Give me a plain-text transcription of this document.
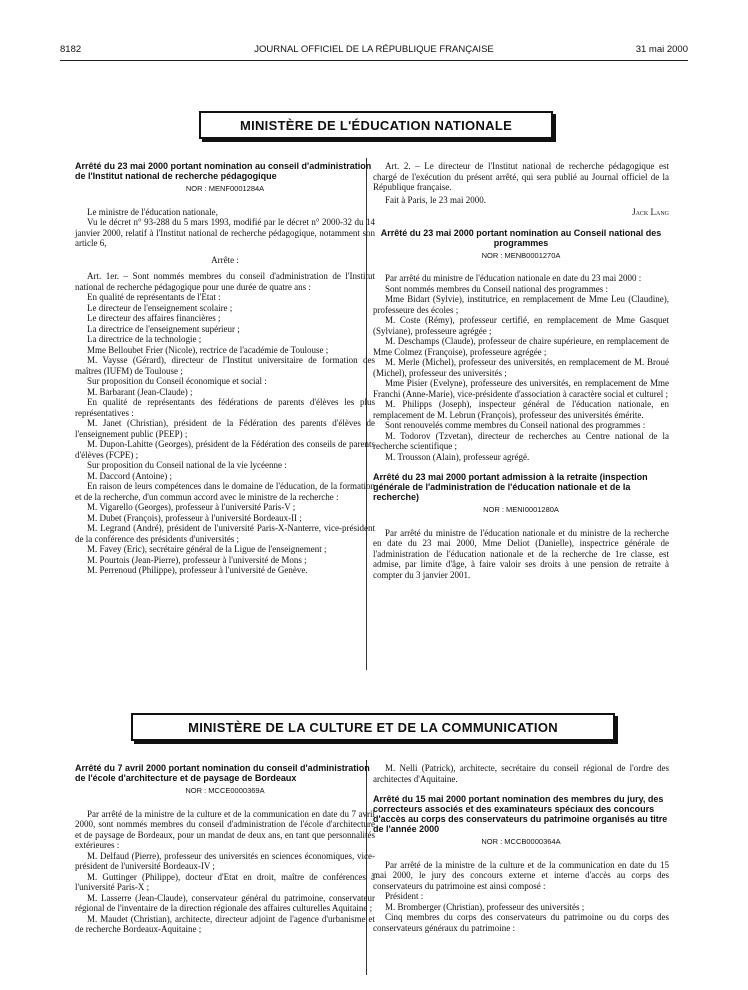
8182	JOURNAL OFFICIEL DE LA RÉPUBLIQUE FRANÇAISE	31 mai 2000
MINISTÈRE DE L'ÉDUCATION NATIONALE
Arrêté du 23 mai 2000 portant nomination au conseil d'administration de l'Institut national de recherche pédagogique
NOR : MENF0001284A

Le ministre de l'éducation nationale,

Vu le décret n° 93-288 du 5 mars 1993, modifié par le décret n° 2000-32 du 14 janvier 2000, relatif à l'Institut national de recherche pédagogique, notamment son article 6,

Arrête :

Art. 1er. – Sont nommés membres du conseil d'administration de l'Institut national de recherche pédagogique pour une durée de quatre ans :

En qualité de représentants de l'Etat :

Le directeur de l'enseignement scolaire ;

Le directeur des affaires financières ;

La directrice de l'enseignement supérieur ;

La directrice de la technologie ;

Mme Belloubet Frier (Nicole), rectrice de l'académie de Toulouse ;

M. Vaysse (Gérard), directeur de l'Institut universitaire de formation des maîtres (IUFM) de Toulouse ;

Sur proposition du Conseil économique et social :

M. Barbarant (Jean-Claude) ;

En qualité de représentants des fédérations de parents d'élèves les plus représentatives :

M. Janet (Christian), président de la Fédération des parents d'élèves de l'enseignement public (PEEP) ;

M. Dupon-Lahitte (Georges), président de la Fédération des conseils de parents d'élèves (FCPE) ;

Sur proposition du Conseil national de la vie lycéenne :

M. Daccord (Antoine) ;

En raison de leurs compétences dans le domaine de l'éducation, de la formation et de la recherche, d'un commun accord avec le ministre de la recherche :

M. Vigarello (Georges), professeur à l'université Paris-V ;

M. Dubet (François), professeur à l'université Bordeaux-II ;

M. Legrand (André), président de l'université Paris-X-Nanterre, vice-président de la conférence des présidents d'universités ;

M. Favey (Eric), secrétaire général de la Ligue de l'enseignement ;

M. Pourtois (Jean-Pierre), professeur à l'université de Mons ;

M. Perrenoud (Philippe), professeur à l'université de Genève.

Art. 2. – Le directeur de l'Institut national de recherche pédagogique est chargé de l'exécution du présent arrêté, qui sera publié au Journal officiel de la République française.

Fait à Paris, le 23 mai 2000.

Jack Lang

Arrêté du 23 mai 2000 portant nomination au Conseil national des programmes
NOR : MENB0001270A

Par arrêté du ministre de l'éducation nationale en date du 23 mai 2000 :

Sont nommés membres du Conseil national des programmes :

Mme Bidart (Sylvie), institutrice, en remplacement de Mme Leu (Claudine), professeure des écoles ;

M. Coste (Rémy), professeur certifié, en remplacement de Mme Gasquet (Sylviane), professeure agrégée ;

M. Deschamps (Claude), professeur de chaire supérieure, en remplacement de Mme Colmez (Françoise), professeure agrégée ;

M. Merle (Michel), professeur des universités, en remplacement de M. Broué (Michel), professeur des universités ;

Mme Pisier (Evelyne), professeure des universités, en remplacement de Mme Franchi (Anne-Marie), vice-présidente d'association à caractère social et culturel ;

M. Philipps (Joseph), inspecteur général de l'éducation nationale, en remplacement de M. Lebrun (François), professeur des universités émérite.

Sont renouvelés comme membres du Conseil national des programmes :

M. Todorov (Tzvetan), directeur de recherches au Centre national de la recherche scientifique ;

M. Trousson (Alain), professeur agrégé.

Arrêté du 23 mai 2000 portant admission à la retraite (inspection générale de l'administration de l'éducation nationale et de la recherche)
NOR : MENI0001280A

Par arrêté du ministre de l'éducation nationale et du ministre de la recherche en date du 23 mai 2000, Mme Deliot (Danielle), inspectrice générale de l'administration de l'éducation nationale et de la recherche de 1re classe, est admise, par limite d'âge, à faire valoir ses droits à une pension de retraite à compter du 3 janvier 2001.

MINISTÈRE DE LA CULTURE ET DE LA COMMUNICATION
Arrêté du 7 avril 2000 portant nomination du conseil d'administration de l'école d'architecture et de paysage de Bordeaux
NOR : MCCE0000369A

Par arrêté de la ministre de la culture et de la communication en date du 7 avril 2000, sont nommés membres du conseil d'administration de l'école d'architecture et de paysage de Bordeaux, pour un mandat de deux ans, en tant que personnalités extérieures :

M. Delfaud (Pierre), professeur des universités en sciences économiques, vice-président de l'université Bordeaux-IV ;

M. Guttinger (Philippe), docteur d'Etat en droit, maître de conférences à l'université Paris-X ;

M. Lasserre (Jean-Claude), conservateur général du patrimoine, conservateur régional de l'inventaire de la direction régionale des affaires culturelles Aquitaine ;

M. Maudet (Christian), architecte, directeur adjoint de l'agence d'urbanisme et de recherche Bordeaux-Aquitaine ;

M. Nelli (Patrick), architecte, secrétaire du conseil régional de l'ordre des architectes d'Aquitaine.

Arrêté du 15 mai 2000 portant nomination des membres du jury, des correcteurs associés et des examinateurs spéciaux des concours d'accès au corps des conservateurs du patrimoine organisés au titre de l'année 2000
NOR : MCCB0000364A

Par arrêté de la ministre de la culture et de la communication en date du 15 mai 2000, le jury des concours externe et interne d'accès au corps des conservateurs du patrimoine est ainsi composé :

Président :

M. Bromberger (Christian), professeur des universités ;

Cinq membres du corps des conservateurs du patrimoine ou du corps des conservateurs généraux du patrimoine :
